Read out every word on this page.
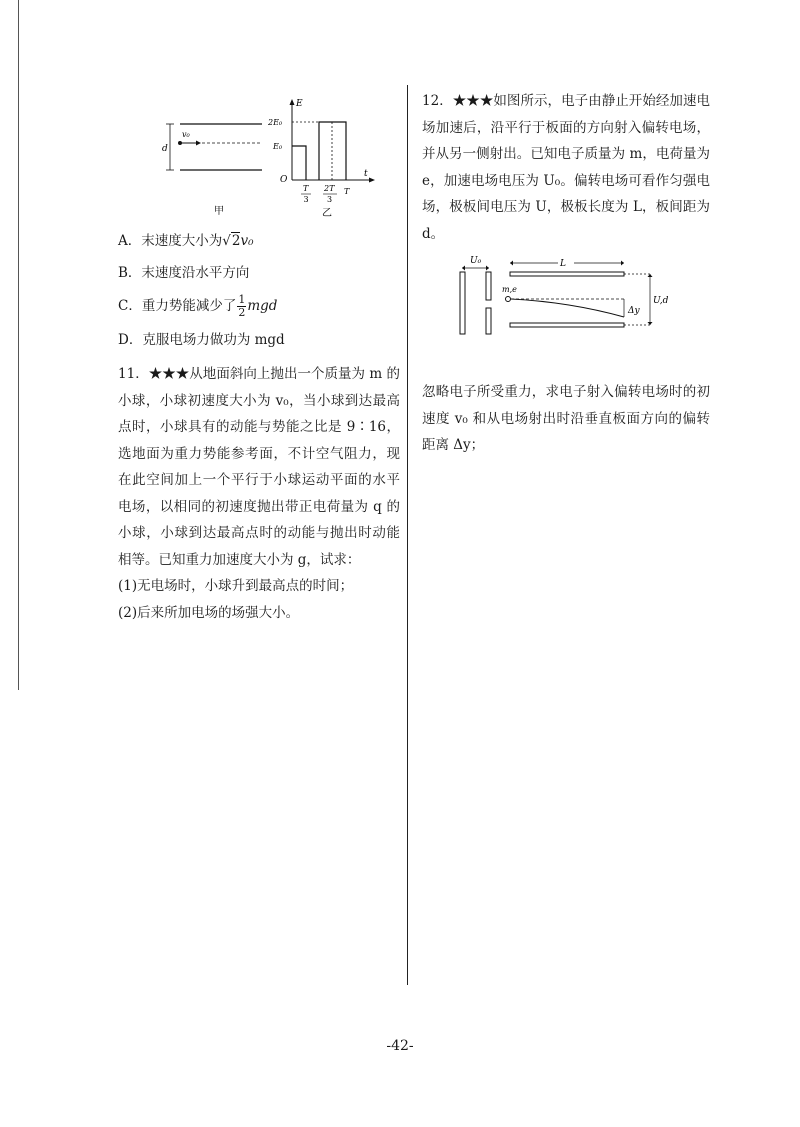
d
v₀
甲
E
t
O
2E₀
E₀
T
3
2T
3
T
乙

A．末速度大小为√2v₀

B．末速度沿水平方向

C．重力势能减少了 $\frac{1}{2}$ mgd

D．克服电场力做功为 mgd

11．★★★从地面斜向上抛出一个质量为 m 的小球，小球初速度大小为 v₀，当小球到达最高点时，小球具有的动能与势能之比是 9∶16，选地面为重力势能参考面，不计空气阻力，现在此空间加上一个平行于小球运动平面的水平电场，以相同的初速度抛出带正电荷量为 q 的小球，小球到达最高点时的动能与抛出时动能相等。已知重力加速度大小为 g，试求：

(1)无电场时，小球升到最高点的时间；

(2)后来所加电场的场强大小。

12．★★★如图所示，电子由静止开始经加速电场加速后，沿平行于板面的方向射入偏转电场，并从另一侧射出。已知电子质量为 m，电荷量为 e，加速电场电压为 U₀。偏转电场可看作匀强电场，极板间电压为 U，极板长度为 L，板间距为 d。

忽略电子所受重力，求电子射入偏转电场时的初速度 v₀ 和从电场射出时沿垂直板面方向的偏转距离 Δy；

U₀	L
m,e
Δy
U,d
-42-
